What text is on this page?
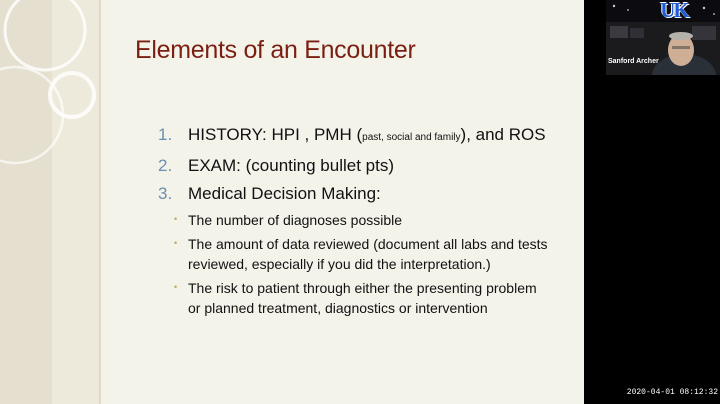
Elements of an Encounter
1. HISTORY: HPI , PMH (past, social and family), and ROS
2. EXAM: (counting bullet pts)
3. Medical Decision Making:
• The number of diagnoses possible
• The amount of data reviewed (document all labs and tests reviewed, especially if you did the interpretation.)
• The risk to patient through either the presenting problem or planned treatment, diagnostics or intervention
UK
Sanford Archer
2020-04-01 08:12:32
